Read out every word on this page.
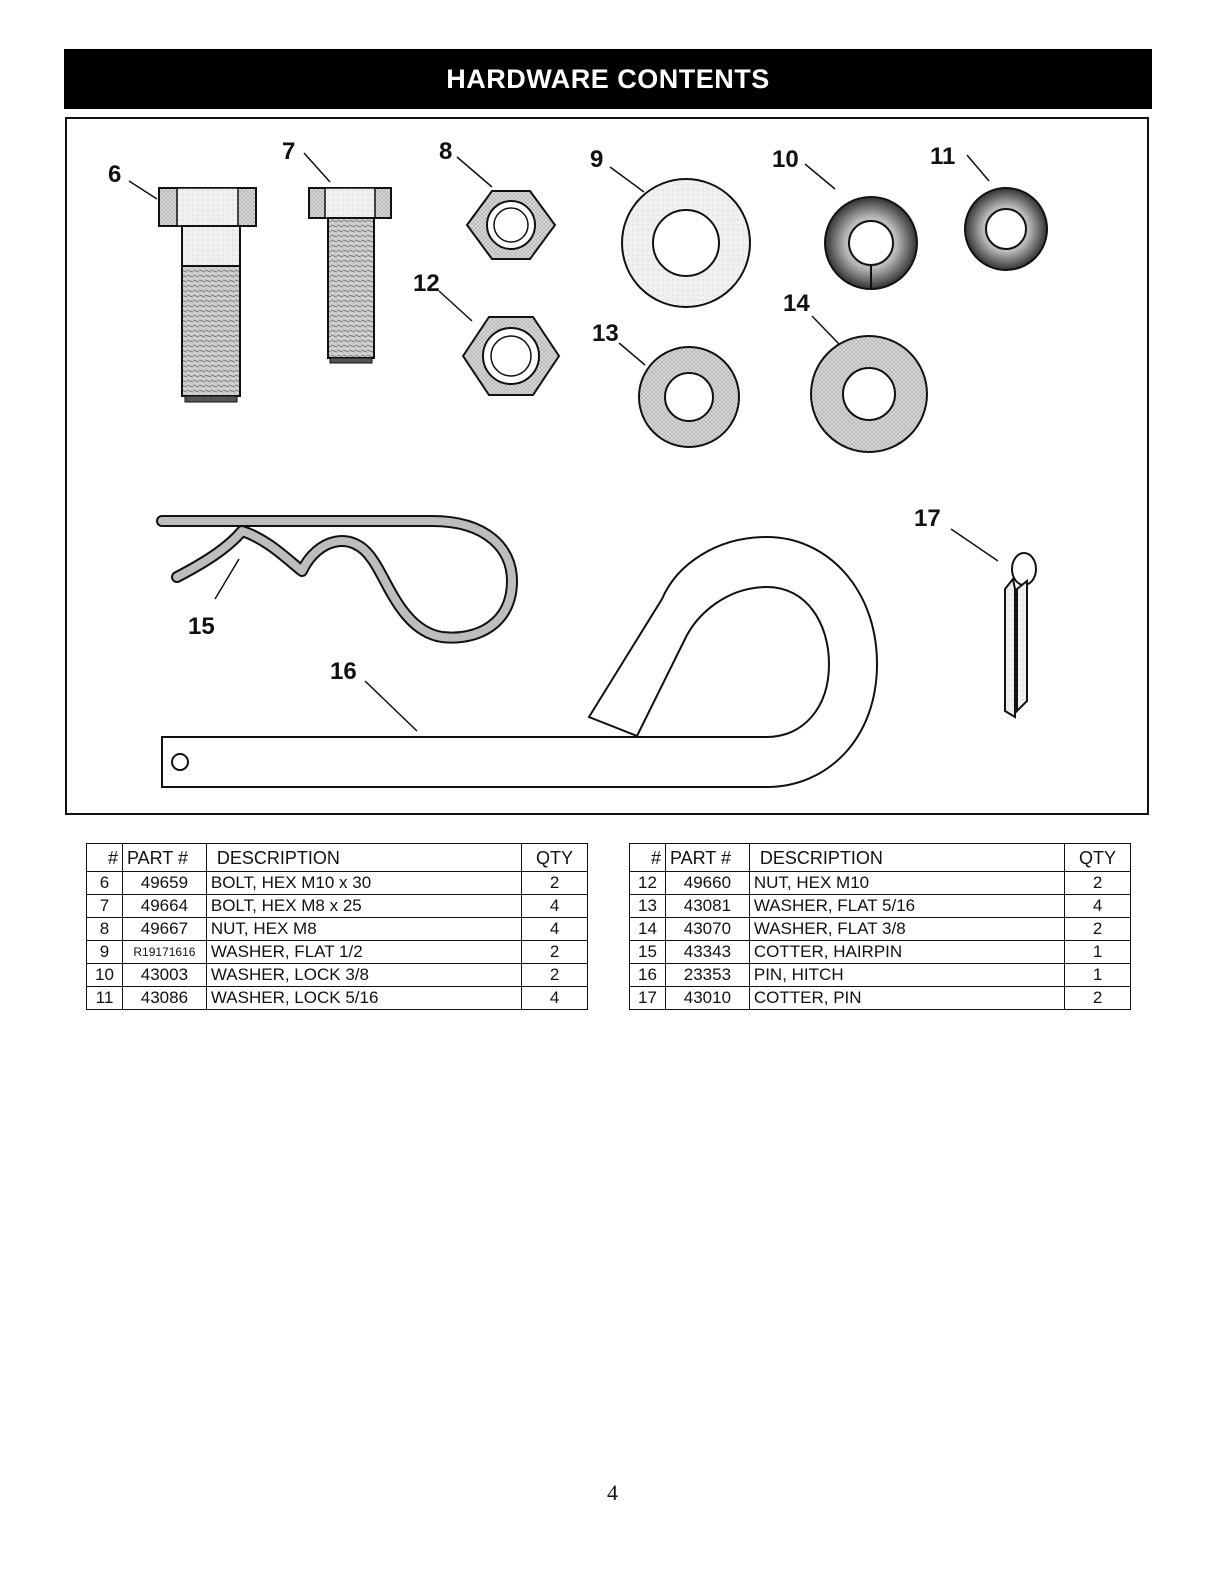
HARDWARE CONTENTS
6
7	8	9	10	11
12
13
14
15
16
17
#	PART #	DESCRIPTION	QTY
6	49659	BOLT, HEX M10 x 30	2
7	49664	BOLT, HEX M8 x 25	4
8	49667	NUT, HEX M8	4
9	R19171616	WASHER, FLAT 1/2	2
10	43003	WASHER, LOCK 3/8	2
11	43086	WASHER, LOCK 5/16	4
#	PART #	DESCRIPTION	QTY
12	49660	NUT, HEX M10	2
13	43081	WASHER, FLAT 5/16	4
14	43070	WASHER, FLAT 3/8	2
15	43343	COTTER, HAIRPIN	1
16	23353	PIN, HITCH	1
17	43010	COTTER, PIN	2
4
